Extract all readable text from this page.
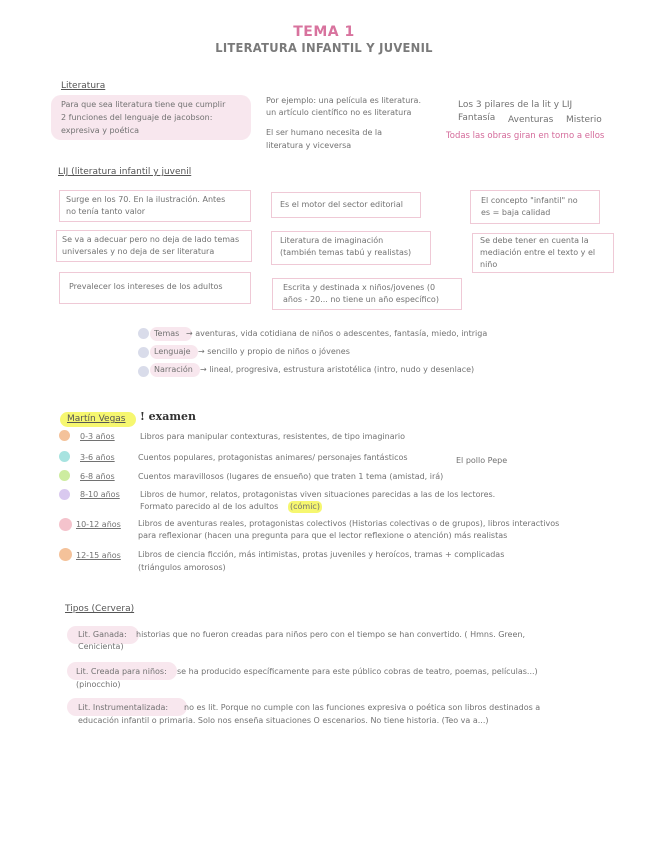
TEMA 1
LITERATURA INFANTIL Y JUVENIL
Literatura
Para que sea literatura tiene que cumplir
2 funciones del lenguaje de jacobson:
expresiva y poética
Por ejemplo: una película es literatura.
un artículo científico no es literatura
El ser humano necesita de la
literatura y viceversa
Los 3 pilares de la lit y LIJ
Fantasía Aventuras Misterio
Todas las obras giran en torno a ellos
LIJ (literatura infantil y juvenil
Surge en los 70. En la ilustración. Antes
no tenía tanto valor
Es el motor del sector editorial	El concepto "infantil" no
es = baja calidad
Se va a adecuar pero no deja de lado temas
universales y no deja de ser literatura
Literatura de imaginación
(también temas tabú y realistas)
Se debe tener en cuenta la
mediación entre el texto y el
niño
Prevalecer los intereses de los adultos	Escrita y destinada x niños/jovenes (0
años - 20... no tiene un año específico)
Temas → aventuras, vida cotidiana de niños o adescentes, fantasía, miedo, intriga
Lenguaje → sencillo y propio de niños o jóvenes
Narración → lineal, progresiva, estrustura aristotélica (intro, nudo y desenlace)
Martín Vegas ! examen
0-3 años	Libros para manipular contexturas, resistentes, de tipo imaginario
3-6 años	Cuentos populares, protagonistas animares/ personajes fantásticos	El pollo Pepe
6-8 años	Cuentos maravillosos (lugares de ensueño) que traten 1 tema (amistad, irá)
8-10 años	Libros de humor, relatos, protagonistas viven situaciones parecidas a las de los lectores.
Formato parecido al de los adultos (cómic)
10-12 años Libros de aventuras reales, protagonistas colectivos (Historias colectivas o de grupos), libros interactivos
para reflexionar (hacen una pregunta para que el lector reflexione o atención) más realistas
12-15 años Libros de ciencia ficción, más intimistas, protas juveniles y heroícos, tramas + complicadas
(triángulos amorosos)
Tipos (Cervera)
Lit. Ganada: historias que no fueron creadas para niños pero con el tiempo se han convertido. ( Hmns. Green,
Cenicienta)
Lit. Creada para niños: se ha producido específicamente para este público cobras de teatro, poemas, películas...)
(pinocchio)
Lit. Instrumentalizada: no es lit. Porque no cumple con las funciones expresiva o poética son libros destinados a
educación infantil o primaria. Solo nos enseña situaciones O escenarios. No tiene historia. (Teo va a...)
